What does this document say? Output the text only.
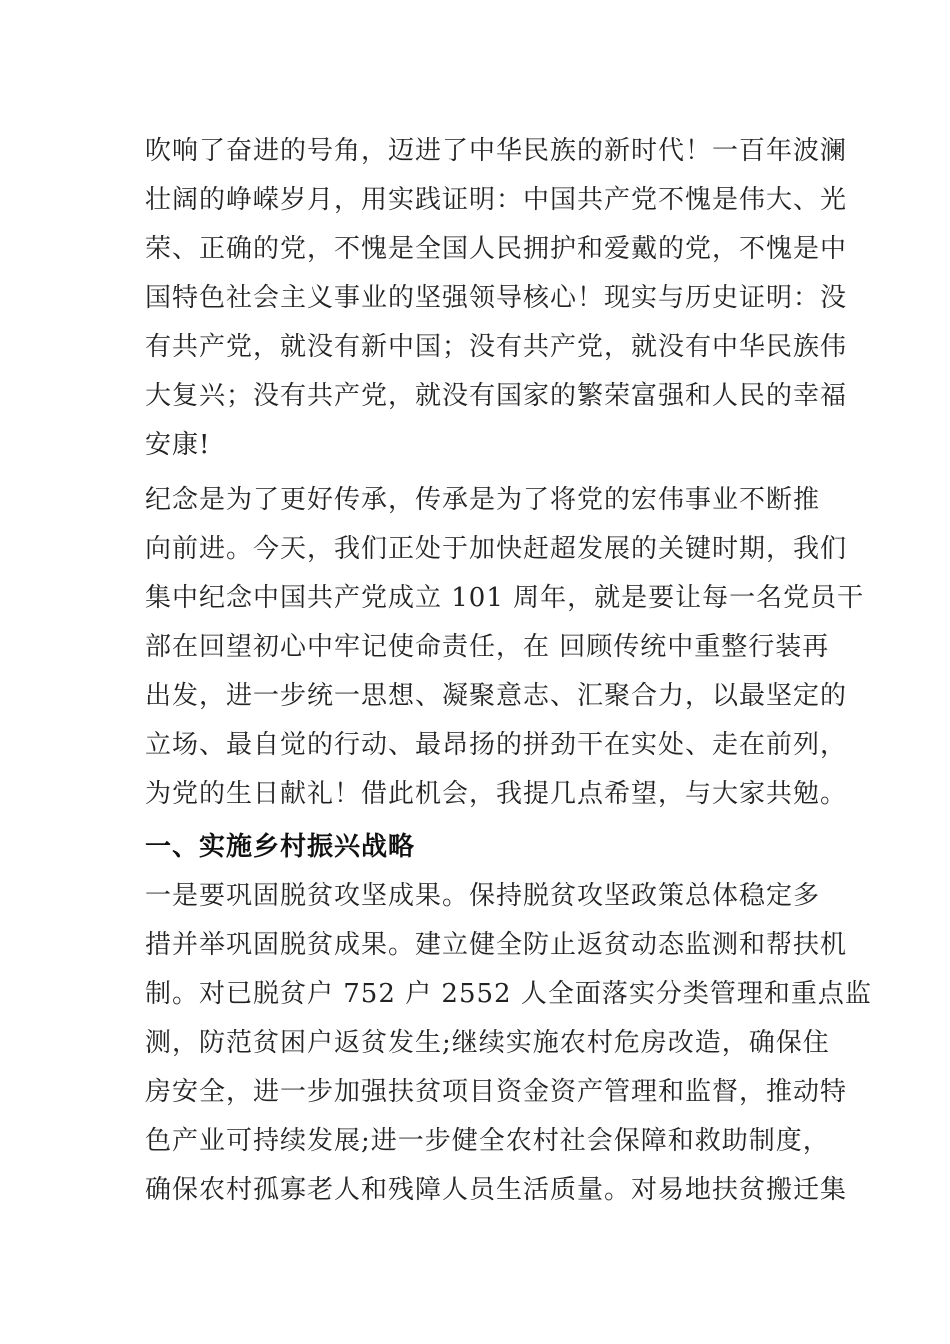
吹响了奋进的号角，迈进了中华民族的新时代！一百年波澜
壮阔的峥嵘岁月，用实践证明：中国共产党不愧是伟大、光
荣、正确的党，不愧是全国人民拥护和爱戴的党，不愧是中
国特色社会主义事业的坚强领导核心！现实与历史证明：没
有共产党，就没有新中国；没有共产党，就没有中华民族伟
大复兴；没有共产党，就没有国家的繁荣富强和人民的幸福
安康!
纪念是为了更好传承，传承是为了将党的宏伟事业不断推
向前进。今天，我们正处于加快赶超发展的关键时期，我们
集中纪念中国共产党成立 101 周年，就是要让每一名党员干
部在回望初心中牢记使命责任，在 回顾传统中重整行装再
出发，进一步统一思想、凝聚意志、汇聚合力，以最坚定的
立场、最自觉的行动、最昂扬的拼劲干在实处、走在前列，
为党的生日献礼！借此机会，我提几点希望，与大家共勉。
一、实施乡村振兴战略
一是要巩固脱贫攻坚成果。保持脱贫攻坚政策总体稳定多
措并举巩固脱贫成果。建立健全防止返贫动态监测和帮扶机
制。对已脱贫户 752 户 2552 人全面落实分类管理和重点监
测，防范贫困户返贫发生;继续实施农村危房改造，确保住
房安全，进一步加强扶贫项目资金资产管理和监督，推动特
色产业可持续发展;进一步健全农村社会保障和救助制度，
确保农村孤寡老人和残障人员生活质量。对易地扶贫搬迁集
